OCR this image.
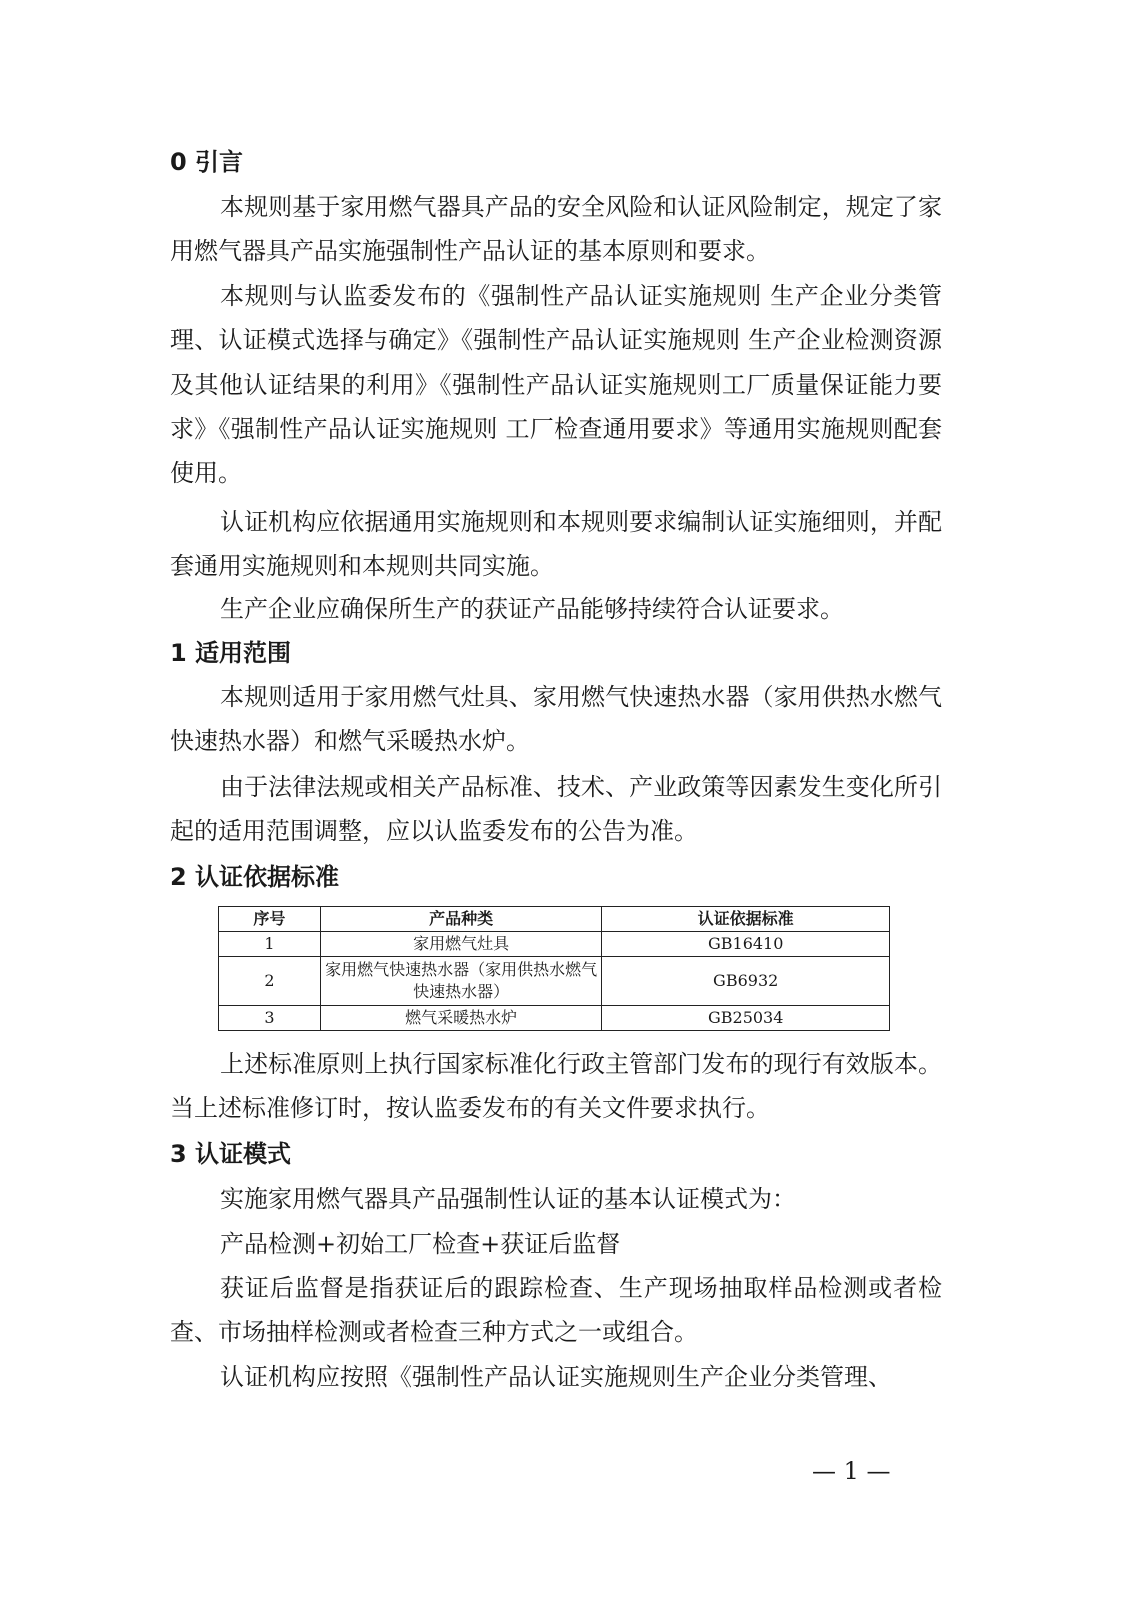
0 引言
本规则基于家用燃气器具产品的安全风险和认证风险制定，规定了家用燃气器具产品实施强制性产品认证的基本原则和要求。
本规则与认监委发布的《强制性产品认证实施规则 生产企业分类管理、认证模式选择与确定》《强制性产品认证实施规则 生产企业检测资源及其他认证结果的利用》《强制性产品认证实施规则工厂质量保证能力要求》《强制性产品认证实施规则 工厂检查通用要求》等通用实施规则配套使用。
认证机构应依据通用实施规则和本规则要求编制认证实施细则，并配套通用实施规则和本规则共同实施。
生产企业应确保所生产的获证产品能够持续符合认证要求。
1 适用范围
本规则适用于家用燃气灶具、家用燃气快速热水器（家用供热水燃气快速热水器）和燃气采暖热水炉。
由于法律法规或相关产品标准、技术、产业政策等因素发生变化所引起的适用范围调整，应以认监委发布的公告为准。
2 认证依据标准
序号	产品种类	认证依据标准
1	家用燃气灶具	GB16410
2	家用燃气快速热水器（家用供热水燃气快速热水器）	GB6932
3	燃气采暖热水炉	GB25034
上述标准原则上执行国家标准化行政主管部门发布的现行有效版本。当上述标准修订时，按认监委发布的有关文件要求执行。
3 认证模式
实施家用燃气器具产品强制性认证的基本认证模式为：
产品检测+初始工厂检查+获证后监督
获证后监督是指获证后的跟踪检查、生产现场抽取样品检测或者检查、市场抽样检测或者检查三种方式之一或组合。
认证机构应按照《强制性产品认证实施规则生产企业分类管理、
— 1 —
